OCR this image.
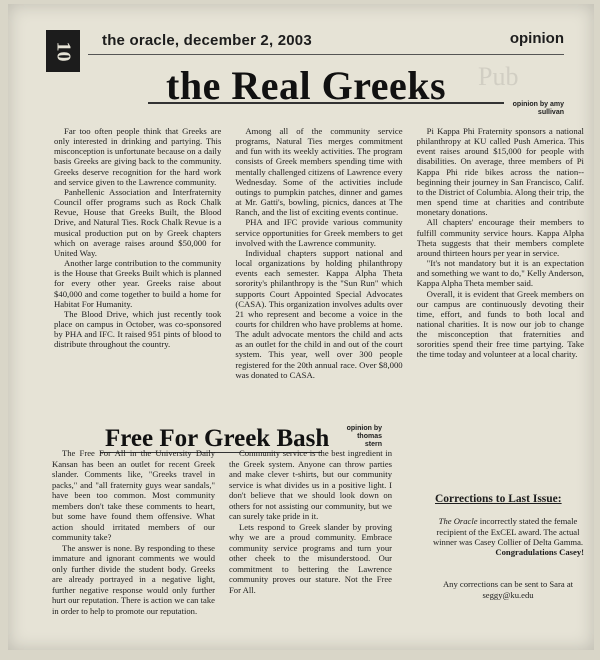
Pub
10
the oracle, december 2, 2003	opinion
the Real Greeks	opinion by amy
sullivan

Far too often people think that Greeks are only interested in drinking and partying. This misconception is unfortunate because on a daily basis Greeks are giving back to the community. Greeks deserve recognition for the hard work and service given to the Lawrence community.

Panhellenic Association and Interfraternity Council offer programs such as Rock Chalk Revue, House that Greeks Built, the Blood Drive, and Natural Ties. Rock Chalk Revue is a musical production put on by Greek chapters which on average raises around $50,000 for United Way.

Another large contribution to the community is the House that Greeks Built which is planned for every other year. Greeks raise about $40,000 and come together to build a home for Habitat For Humanity.

The Blood Drive, which just recently took place on campus in October, was co-sponsored by PHA and IFC. It raised 951 pints of blood to distribute throughout the country.

Among all of the community service programs, Natural Ties merges commitment and fun with its weekly activities. The program consists of Greek members spending time with mentally challenged citizens of Lawrence every Wednesday. Some of the activities include outings to pumpkin patches, dinner and games at Mr. Gatti's, bowling, picnics, dances at The Ranch, and the list of exciting events continue.

PHA and IFC provide various community service opportunities for Greek members to get involved with the Lawrence community.

Individual chapters support national and local organizations by holding philanthropy events each semester. Kappa Alpha Theta sorority's philanthropy is the "Sun Run" which supports Court Appointed Special Advocates (CASA). This organization involves adults over 21 who represent and become a voice in the courts for children who have problems at home. The adult advocate mentors the child and acts as an outlet for the child in and out of the court system. This year, well over 300 people registered for the 20th annual race. Over $8,000 was donated to CASA.

Pi Kappa Phi Fraternity sponsors a national philanthropy at KU called Push America. This event raises around $15,000 for people with disabilities. On average, three members of Pi Kappa Phi ride bikes across the nation--beginning their journey in San Francisco, Calif. to the District of Columbia. Along their trip, the men spend time at charities and contribute monetary donations.

All chapters' encourage their members to fulfill community service hours. Kappa Alpha Theta suggests that their members complete around thirteen hours per year in service.

"It's not mandatory but it is an expectation and something we want to do," Kelly Anderson, Kappa Alpha Theta member said.

Overall, it is evident that Greek members on our campus are continuously devoting their time, effort, and funds to both local and national charities. It is now our job to change the misconception that fraternities and sororities spend their free time partying. Take the time today and volunteer at a local charity.

Free For Greek Bash	opinion by thomas
stern

The Free For All in the University Daily Kansan has been an outlet for recent Greek slander. Comments like, "Greeks travel in packs," and "all fraternity guys wear sandals," have been too common. Most community members don't take these comments to heart, but some have found them offensive. What action should irritated members of our community take?

The answer is none. By responding to these immature and ignorant comments we would only further divide the student body. Greeks are already portrayed in a negative light, further negative response would only further hurt our reputation. There is action we can take in order to help to promote our reputation.

Community service is the best ingredient in the Greek system. Anyone can throw parties and make clever t-shirts, but our community service is what divides us in a positive light. I don't believe that we should look down on others for not assisting our community, but we can surely take pride in it.

Lets respond to Greek slander by proving why we are a proud community. Embrace community service programs and turn your other cheek to the misunderstood. Our commitment to bettering the Lawrence community proves our stature. Not the Free For All.

Corrections to Last Issue:

The Oracle incorrectly stated the female recipient of the ExCEL award. The actual winner was Casey Collier of Delta Gamma.
Congradulations Casey!

Any corrections can be sent to Sara at seggy@ku.edu
